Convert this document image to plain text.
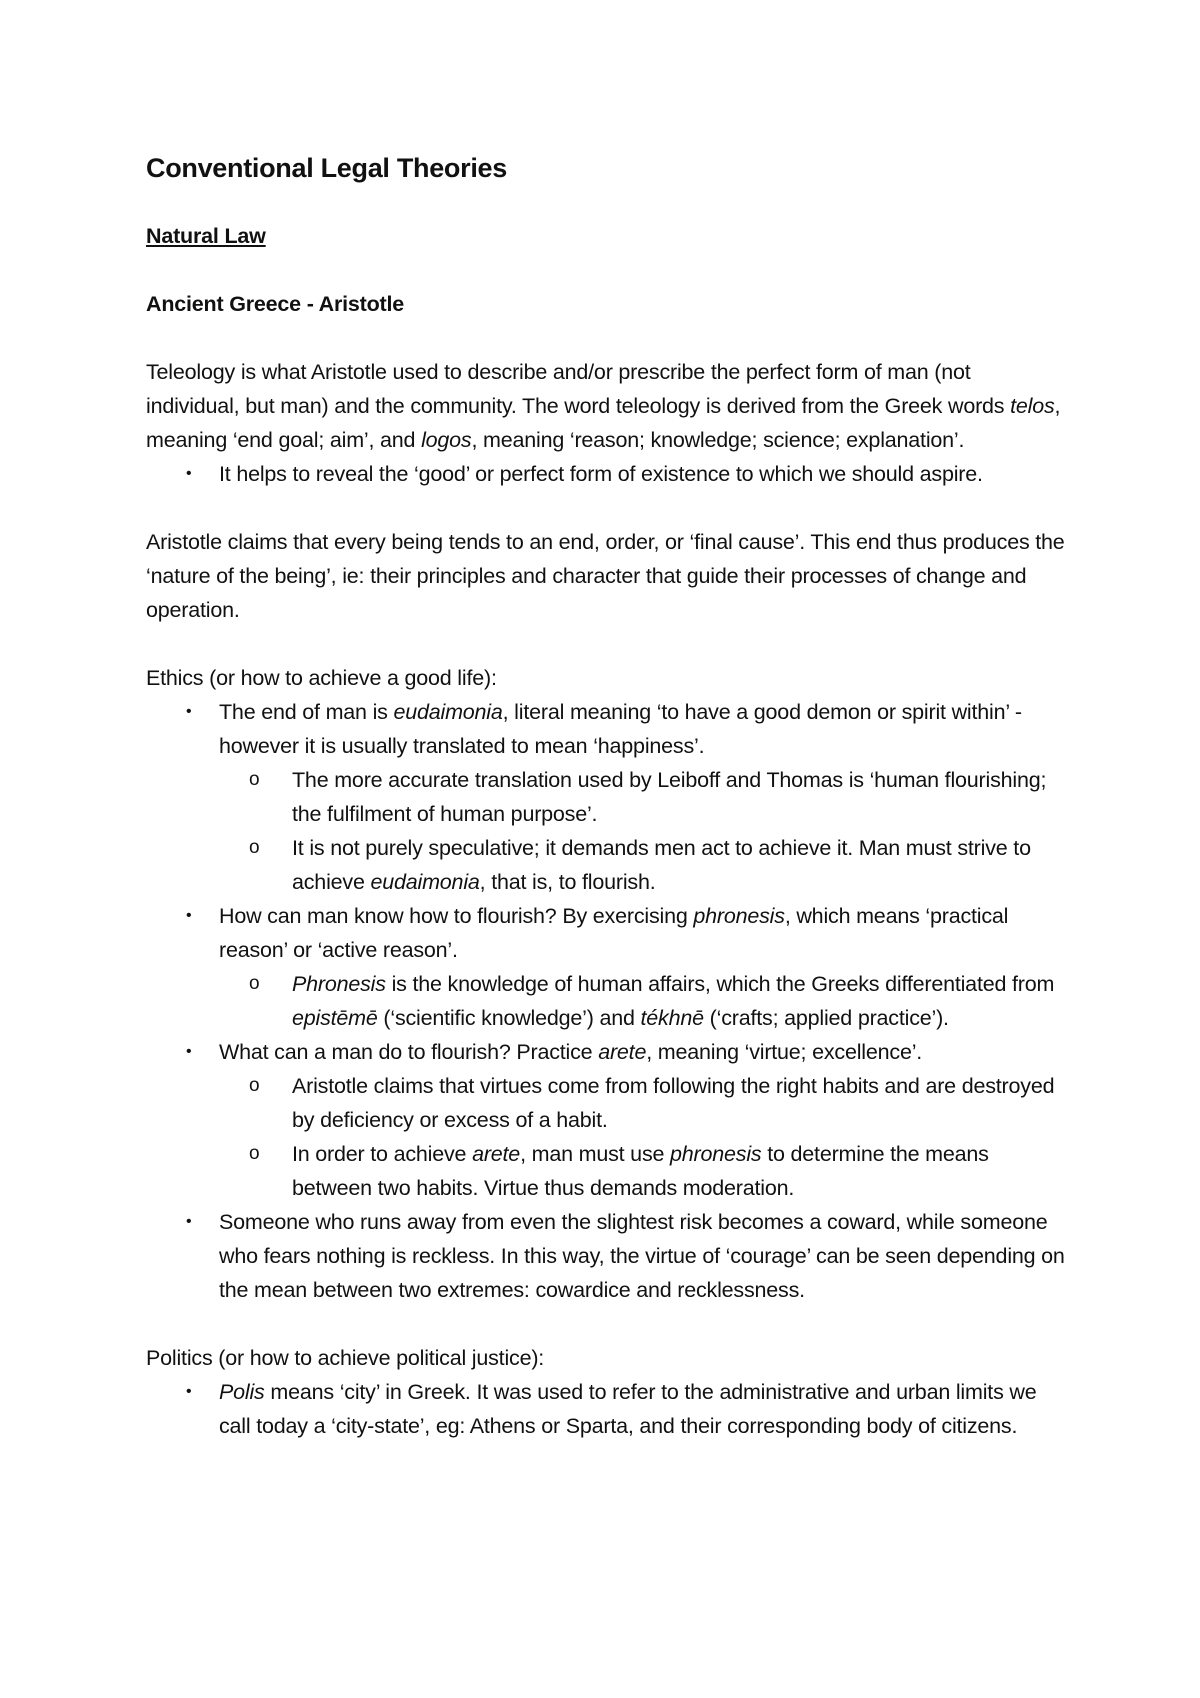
Conventional Legal Theories
Natural Law
Ancient Greece - Aristotle

Teleology is what Aristotle used to describe and/or prescribe the perfect form of man (not individual, but man) and the community. The word teleology is derived from the Greek words telos, meaning ‘end goal; aim’, and logos, meaning ‘reason; knowledge; science; explanation’.

• It helps to reveal the ‘good’ or perfect form of existence to which we should aspire.

Aristotle claims that every being tends to an end, order, or ‘final cause’. This end thus produces the ‘nature of the being’, ie: their principles and character that guide their processes of change and operation.

Ethics (or how to achieve a good life):

• The end of man is eudaimonia, literal meaning ‘to have a good demon or spirit within’ - however it is usually translated to mean ‘happiness’.
o The more accurate translation used by Leiboff and Thomas is ‘human flourishing; the fulfilment of human purpose’.
o It is not purely speculative; it demands men act to achieve it. Man must strive to achieve eudaimonia, that is, to flourish.
• How can man know how to flourish? By exercising phronesis, which means ‘practical reason’ or ‘active reason’.
o Phronesis is the knowledge of human affairs, which the Greeks differentiated from epistēmē (‘scientific knowledge’) and tékhnē (‘crafts; applied practice’).
• What can a man do to flourish? Practice arete, meaning ‘virtue; excellence’.
o Aristotle claims that virtues come from following the right habits and are destroyed by deficiency or excess of a habit.
o In order to achieve arete, man must use phronesis to determine the means between two habits. Virtue thus demands moderation.
• Someone who runs away from even the slightest risk becomes a coward, while someone who fears nothing is reckless. In this way, the virtue of ‘courage’ can be seen depending on the mean between two extremes: cowardice and recklessness.

Politics (or how to achieve political justice):

• Polis means ‘city’ in Greek. It was used to refer to the administrative and urban limits we call today a ‘city-state’, eg: Athens or Sparta, and their corresponding body of citizens.
